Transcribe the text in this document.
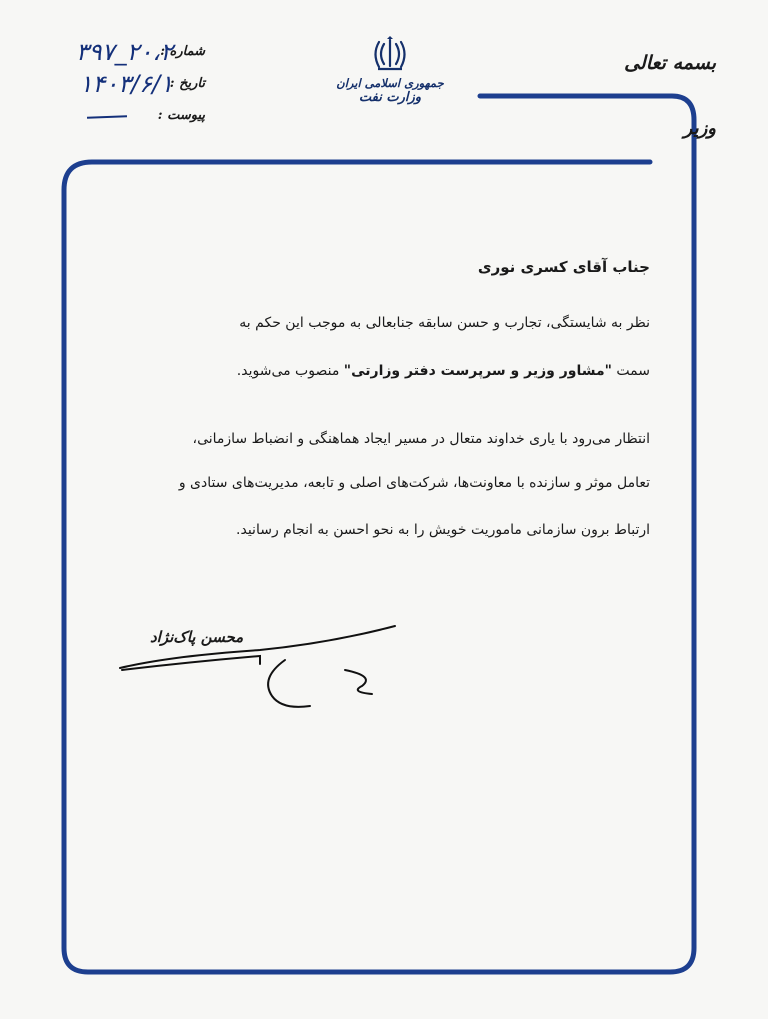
بسمه تعالی

وزیر

جمهوری اسلامی ایران

وزارت نفت

شماره :
۲۰،۲_۳۹۷
تاریخ :
۱۴۰۳/۶/۱
پیوست :
جناب آقای کسری نوری
نظر به شایستگی، تجارب و حسن سابقه جنابعالی به موجب این حکم به
سمت "مشاور وزیر و سرپرست دفتر وزارتی" منصوب می‌شوید.
انتظار می‌رود با یاری خداوند متعال در مسیر ایجاد هماهنگی و انضباط سازمانی،
تعامل موثر و سازنده با معاونت‌ها، شرکت‌های اصلی و تابعه، مدیریت‌های ستادی و
ارتباط برون سازمانی ماموریت خویش را به نحو احسن به انجام رسانید.
محسن پاک‌نژاد
